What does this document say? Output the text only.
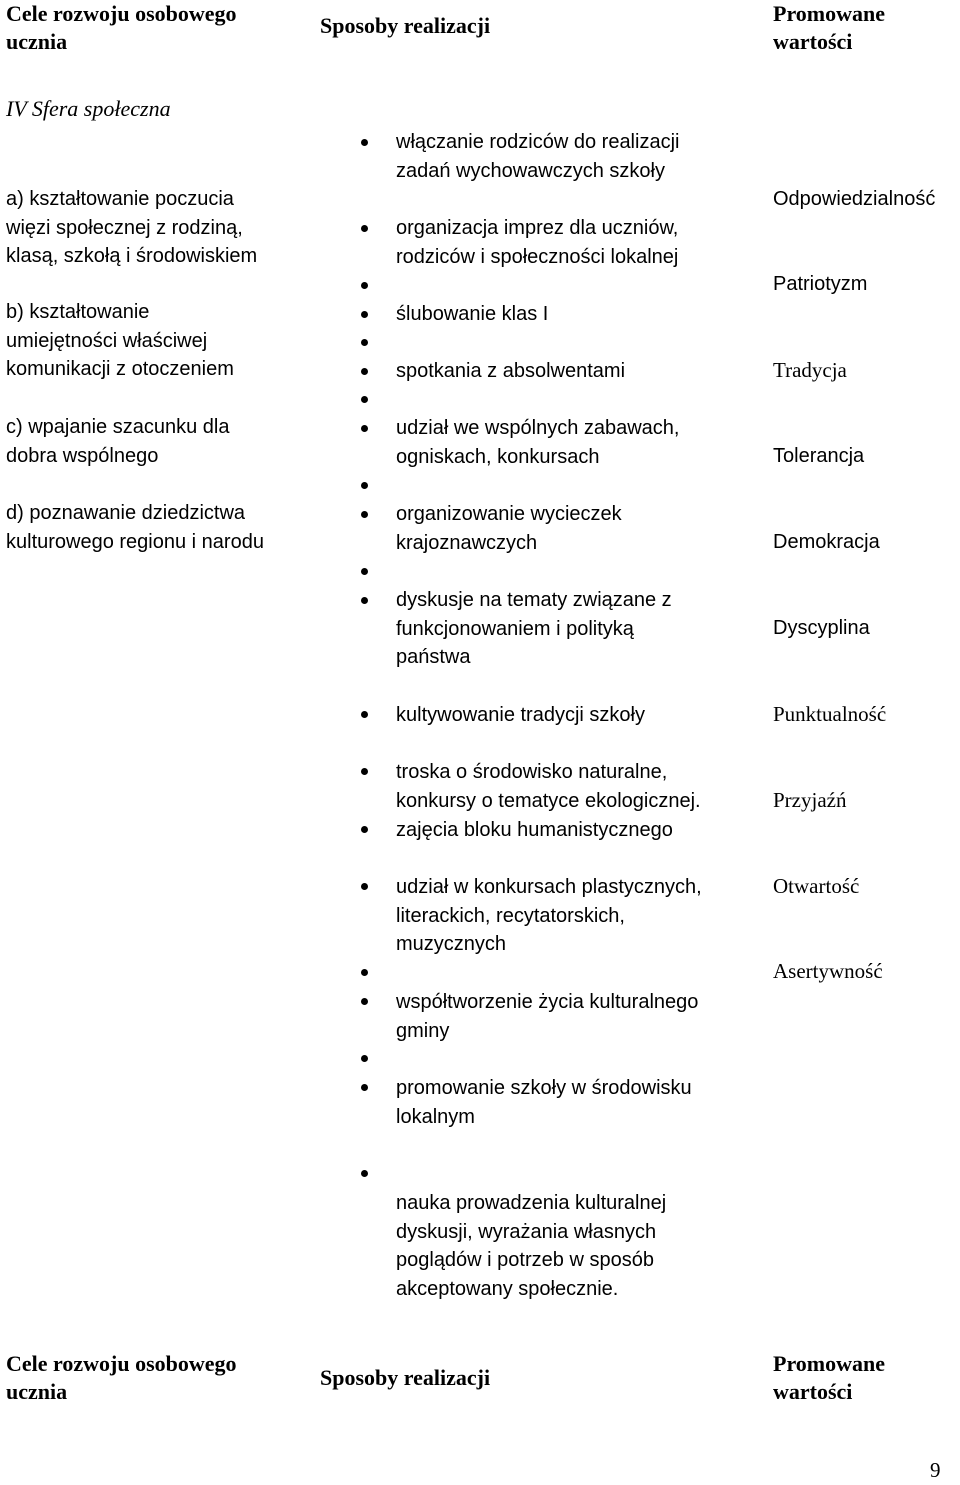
Cele rozwoju osobowego
ucznia
Sposoby realizacji	Promowane
wartości
IV Sfera społeczna
a) kształtowanie poczucia
więzi społecznej z rodziną,
klasą, szkołą i środowiskiem
b) kształtowanie
umiejętności właściwej
komunikacji z otoczeniem
c) wpajanie szacunku dla
dobra wspólnego
d) poznawanie dziedzictwa
kulturowego regionu i narodu
włączanie rodziców do realizacji
zadań wychowawczych szkoły
organizacja imprez dla uczniów,
rodziców i społeczności lokalnej
ślubowanie klas I
spotkania z absolwentami
udział we wspólnych zabawach,
ogniskach, konkursach
organizowanie wycieczek
krajoznawczych
dyskusje na tematy związane z
funkcjonowaniem i polityką
państwa
kultywowanie tradycji szkoły
troska o środowisko naturalne,
konkursy o tematyce ekologicznej.
zajęcia bloku humanistycznego
udział w konkursach plastycznych,
literackich, recytatorskich,
muzycznych
współtworzenie życia kulturalnego
gminy
promowanie szkoły w środowisku
lokalnym
nauka prowadzenia kulturalnej
dyskusji, wyrażania własnych
poglądów i potrzeb w sposób
akceptowany społecznie.
Odpowiedzialność
Patriotyzm
Tradycja
Tolerancja
Demokracja
Dyscyplina
Punktualność
Przyjaźń
Otwartość
Asertywność
Cele rozwoju osobowego
ucznia
Sposoby realizacji
Promowane
wartości
9
